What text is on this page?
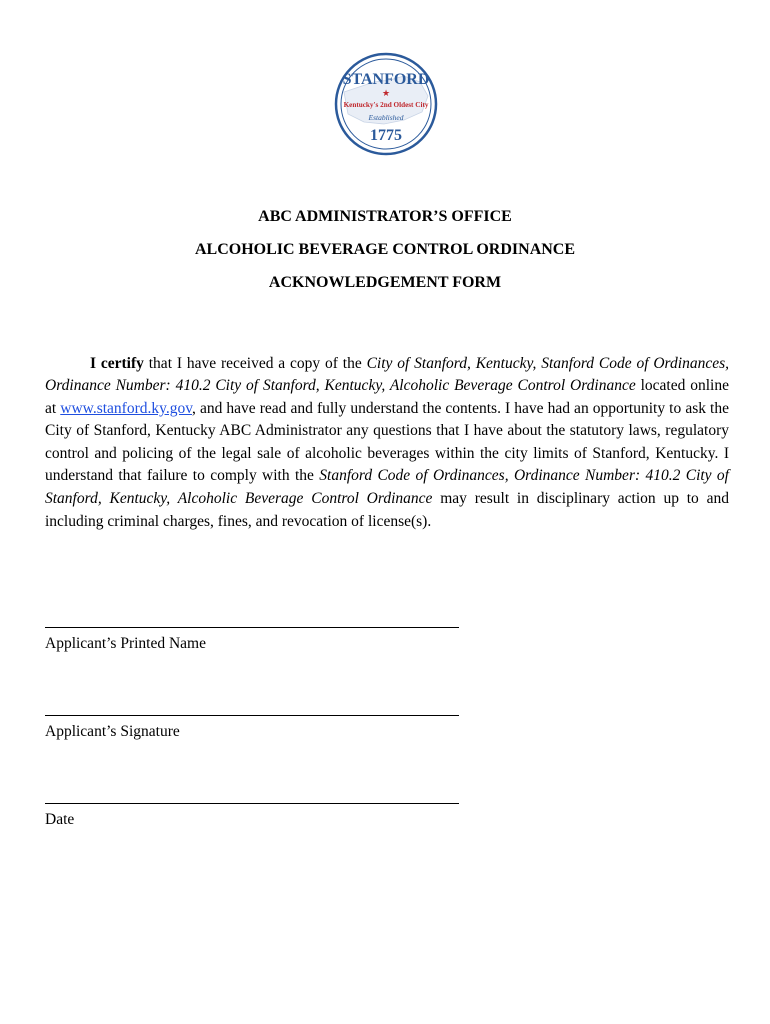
STANFORD
★
Kentucky's 2nd Oldest City
Established
1775
ABC ADMINISTRATOR’S OFFICE
ALCOHOLIC BEVERAGE CONTROL ORDINANCE
ACKNOWLEDGEMENT FORM

I certify that I have received a copy of the City of Stanford, Kentucky, Stanford Code of Ordinances, Ordinance Number: 410.2 City of Stanford, Kentucky, Alcoholic Beverage Control Ordinance located online at www.stanford.ky.gov, and have read and fully understand the contents. I have had an opportunity to ask the City of Stanford, Kentucky ABC Administrator any questions that I have about the statutory laws, regulatory control and policing of the legal sale of alcoholic beverages within the city limits of Stanford, Kentucky. I understand that failure to comply with the Stanford Code of Ordinances, Ordinance Number: 410.2 City of Stanford, Kentucky, Alcoholic Beverage Control Ordinance may result in disciplinary action up to and including criminal charges, fines, and revocation of license(s).

Applicant’s Printed Name
Applicant’s Signature
Date
